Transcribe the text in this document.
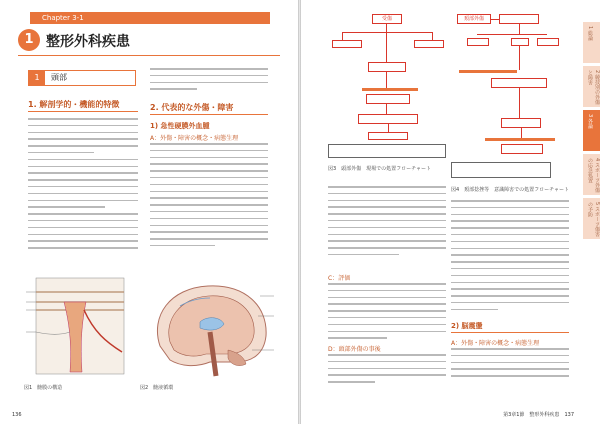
Chapter 3-1
1 整形外科疾患
1	頭部
1. 解剖学的・機能的特徴	2. 代表的な外傷・障害
1) 急性硬膜外血腫
A：外傷・障害の概念・病態生理
図1　髄膜の構造	図2　髄液循環
136
受傷
図3　頭部外傷　現場での処置フローチャート
頚部外傷
図4　頚部捻挫等　意識障害での処置フローチャート
C：評価
D：頭部外傷の事後
2) 脳震盪
A：外傷・障害の概念・病態生理
1 総論
2 競技別の外傷と障害
3 各論
4 スポーツ外傷の応急処置
5 スポーツ傷害の予防
第3章1節　整形外科疾患　 137
